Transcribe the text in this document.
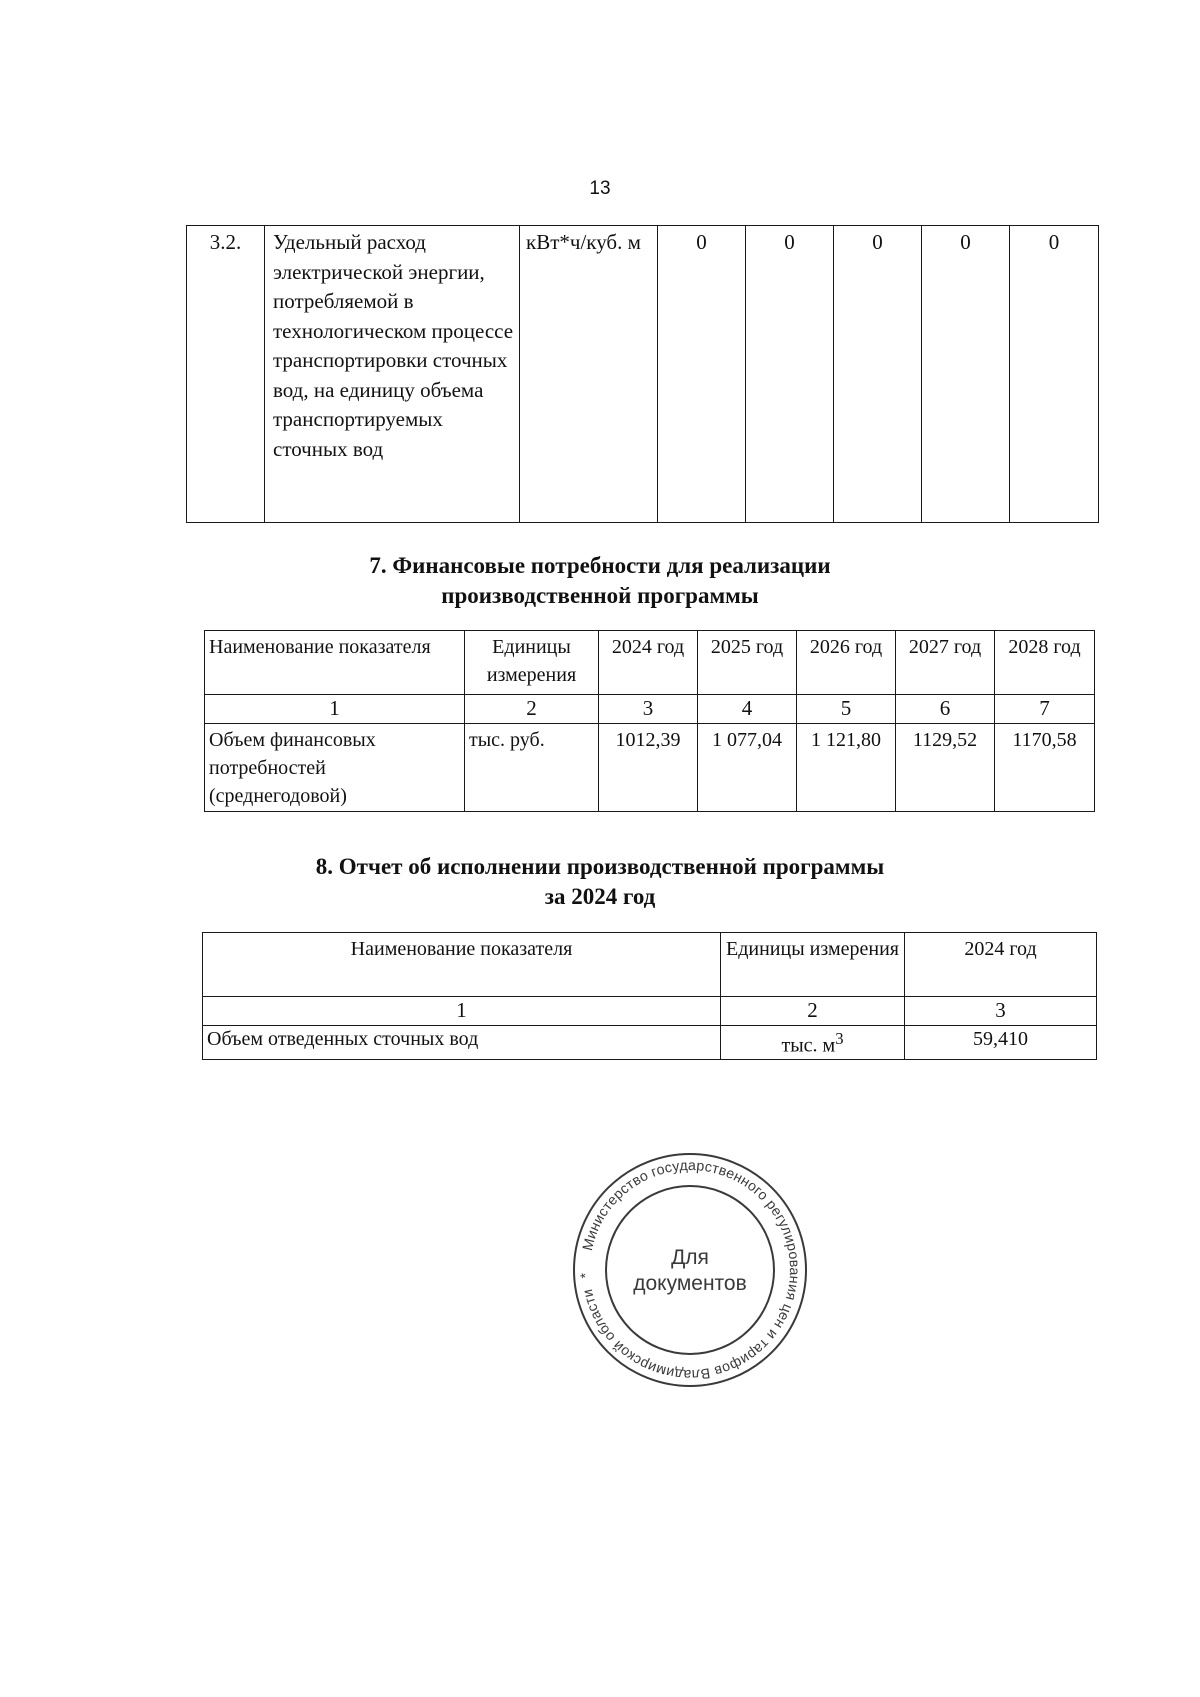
13
3.2.	Удельный расход электрической энергии, потребляемой в технологическом процессе транспортировки сточных вод, на единицу объема транспортируемых сточных вод	кВт*ч/куб. м	0	0	0	0	0
7. Финансовые потребности для реализации
производственной программы
Наименование показателя	Единицы измерения	2024 год	2025 год	2026 год	2027 год	2028 год
1	2	3	4	5	6	7
Объем финансовых потребностей (среднегодовой)	тыс. руб.	1012,39	1 077,04	1 121,80	1129,52	1170,58
8. Отчет об исполнении производственной программы
за 2024 год
Наименование показателя	Единицы измерения	2024 год
1	2	3
Объем отведенных сточных вод	тыс. $м^3$	59,410
Министерство государственного регулирования цен и тарифов Владимирской области *
Для
документов
